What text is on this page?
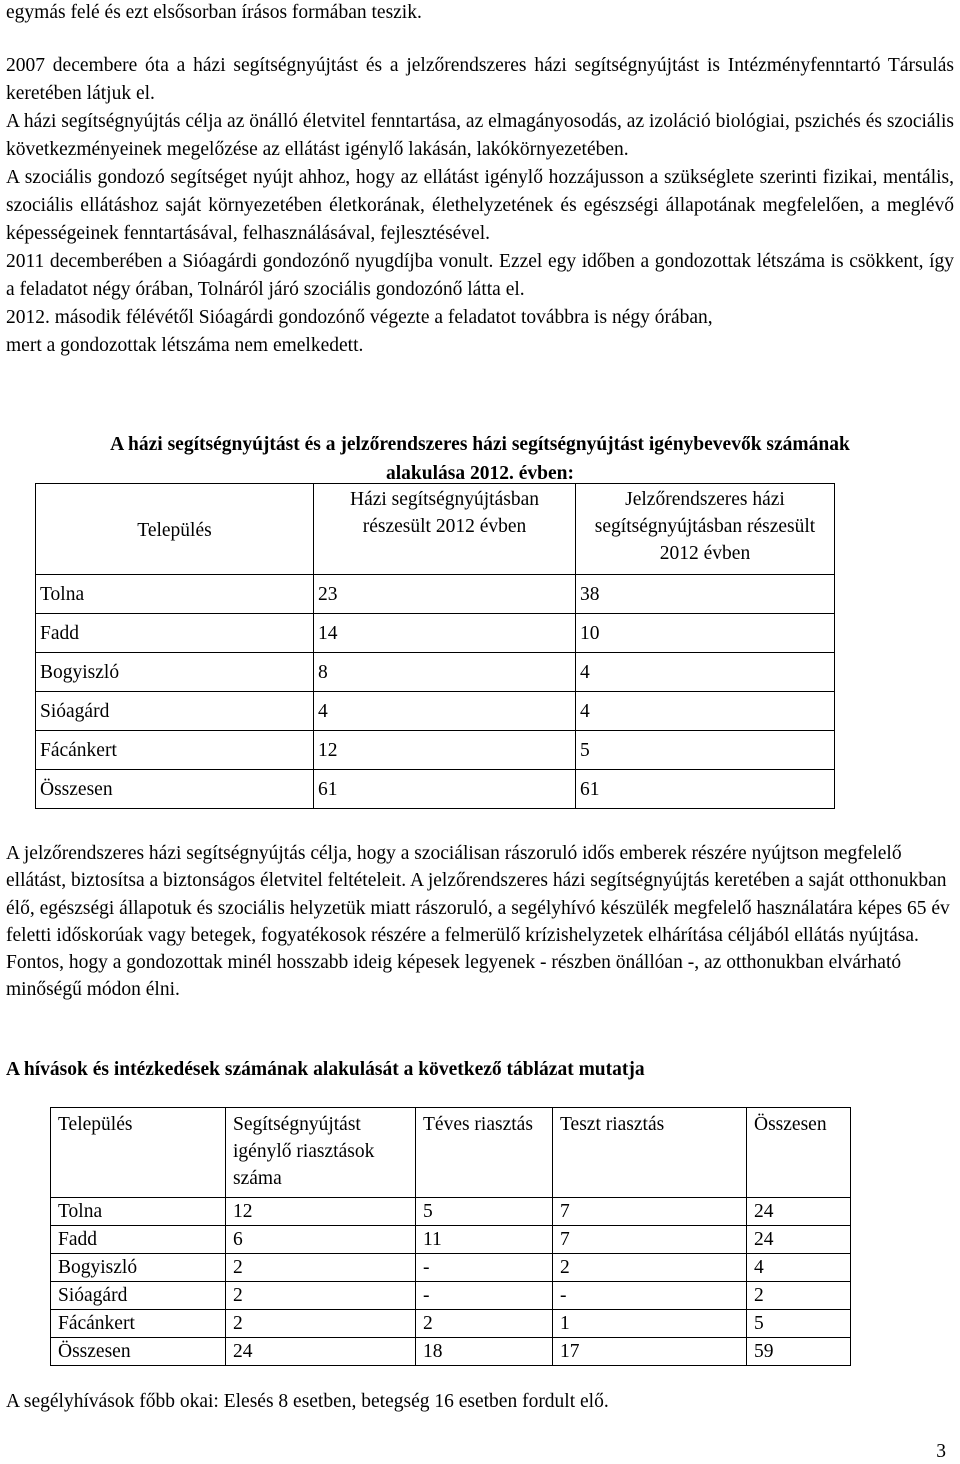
egymás felé és ezt elsősorban írásos formában teszik.

2007 decembere óta a házi segítségnyújtást és a jelzőrendszeres házi segítségnyújtást is Intézményfenntartó Társulás keretében látjuk el.

A házi segítségnyújtás célja az önálló életvitel fenntartása, az elmagányosodás, az izoláció biológiai, pszichés és szociális következményeinek megelőzése az ellátást igénylő lakásán, lakókörnyezetében.

A szociális gondozó segítséget nyújt ahhoz, hogy az ellátást igénylő hozzájusson a szükséglete szerinti fizikai, mentális, szociális ellátáshoz saját környezetében életkorának, élethelyzetének és egészségi állapotának megfelelően, a meglévő képességeinek fenntartásával, felhasználásával, fejlesztésével.

2011 decemberében a Sióagárdi gondozónő nyugdíjba vonult. Ezzel egy időben a gondozottak létszáma is csökkent, így a feladatot négy órában, Tolnáról járó szociális gondozónő látta el.

2012. második félévétől Sióagárdi gondozónő végezte a feladatot továbbra is négy órában,

mert a gondozottak létszáma nem emelkedett.

A házi segítségnyújtást és a jelzőrendszeres házi segítségnyújtást igénybevevők számának

alakulása 2012. évben:

Település	Házi segítségnyújtásban részesült 2012 évben	Jelzőrendszeres házi segítségnyújtásban részesült 2012 évben
Tolna	23	38
Fadd	14	10
Bogyiszló	8	4
Sióagárd	4	4
Fácánkert	12	5
Összesen	61	61

A jelzőrendszeres házi segítségnyújtás célja, hogy a szociálisan rászoruló idős emberek részére nyújtson megfelelő ellátást, biztosítsa a biztonságos életvitel feltételeit. A jelzőrendszeres házi segítségnyújtás keretében a saját otthonukban élő, egészségi állapotuk és szociális helyzetük miatt rászoruló, a segélyhívó készülék megfelelő használatára képes 65 év feletti időskorúak vagy betegek, fogyatékosok részére a felmerülő krízishelyzetek elhárítása céljából ellátás nyújtása. Fontos, hogy a gondozottak minél hosszabb ideig képesek legyenek - részben önállóan -, az otthonukban elvárható minőségű módon élni.

A hívások és intézkedések számának alakulását a következő táblázat mutatja

Település	Segítségnyújtást igénylő riasztások száma	Téves riasztás	Teszt riasztás	Összesen
Tolna	12	5	7	24
Fadd	6	11	7	24
Bogyiszló	2	-	2	4
Sióagárd	2	-	-	2
Fácánkert	2	2	1	5
Összesen	24	18	17	59

A segélyhívások főbb okai: Elesés 8 esetben, betegség 16 esetben fordult elő.

3
